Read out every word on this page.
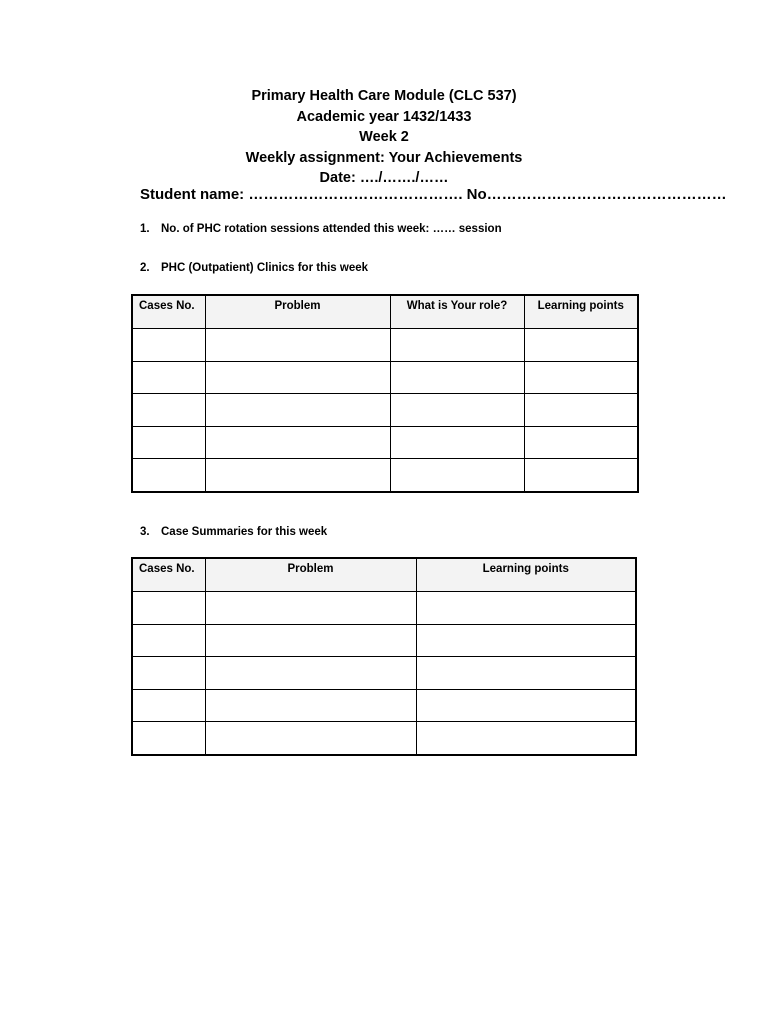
Primary Health Care Module (CLC 537)
Academic year 1432/1433
Week 2
Weekly assignment: Your Achievements
Date: …./……./……
Student name: ……………………………………. No…………………………………………
1. No. of PHC rotation sessions attended this week: …… session
2. PHC (Outpatient) Clinics for this week
Cases No.	Problem	What is Your role?	Learning points

3. Case Summaries for this week
Cases No.	Problem	Learning points
